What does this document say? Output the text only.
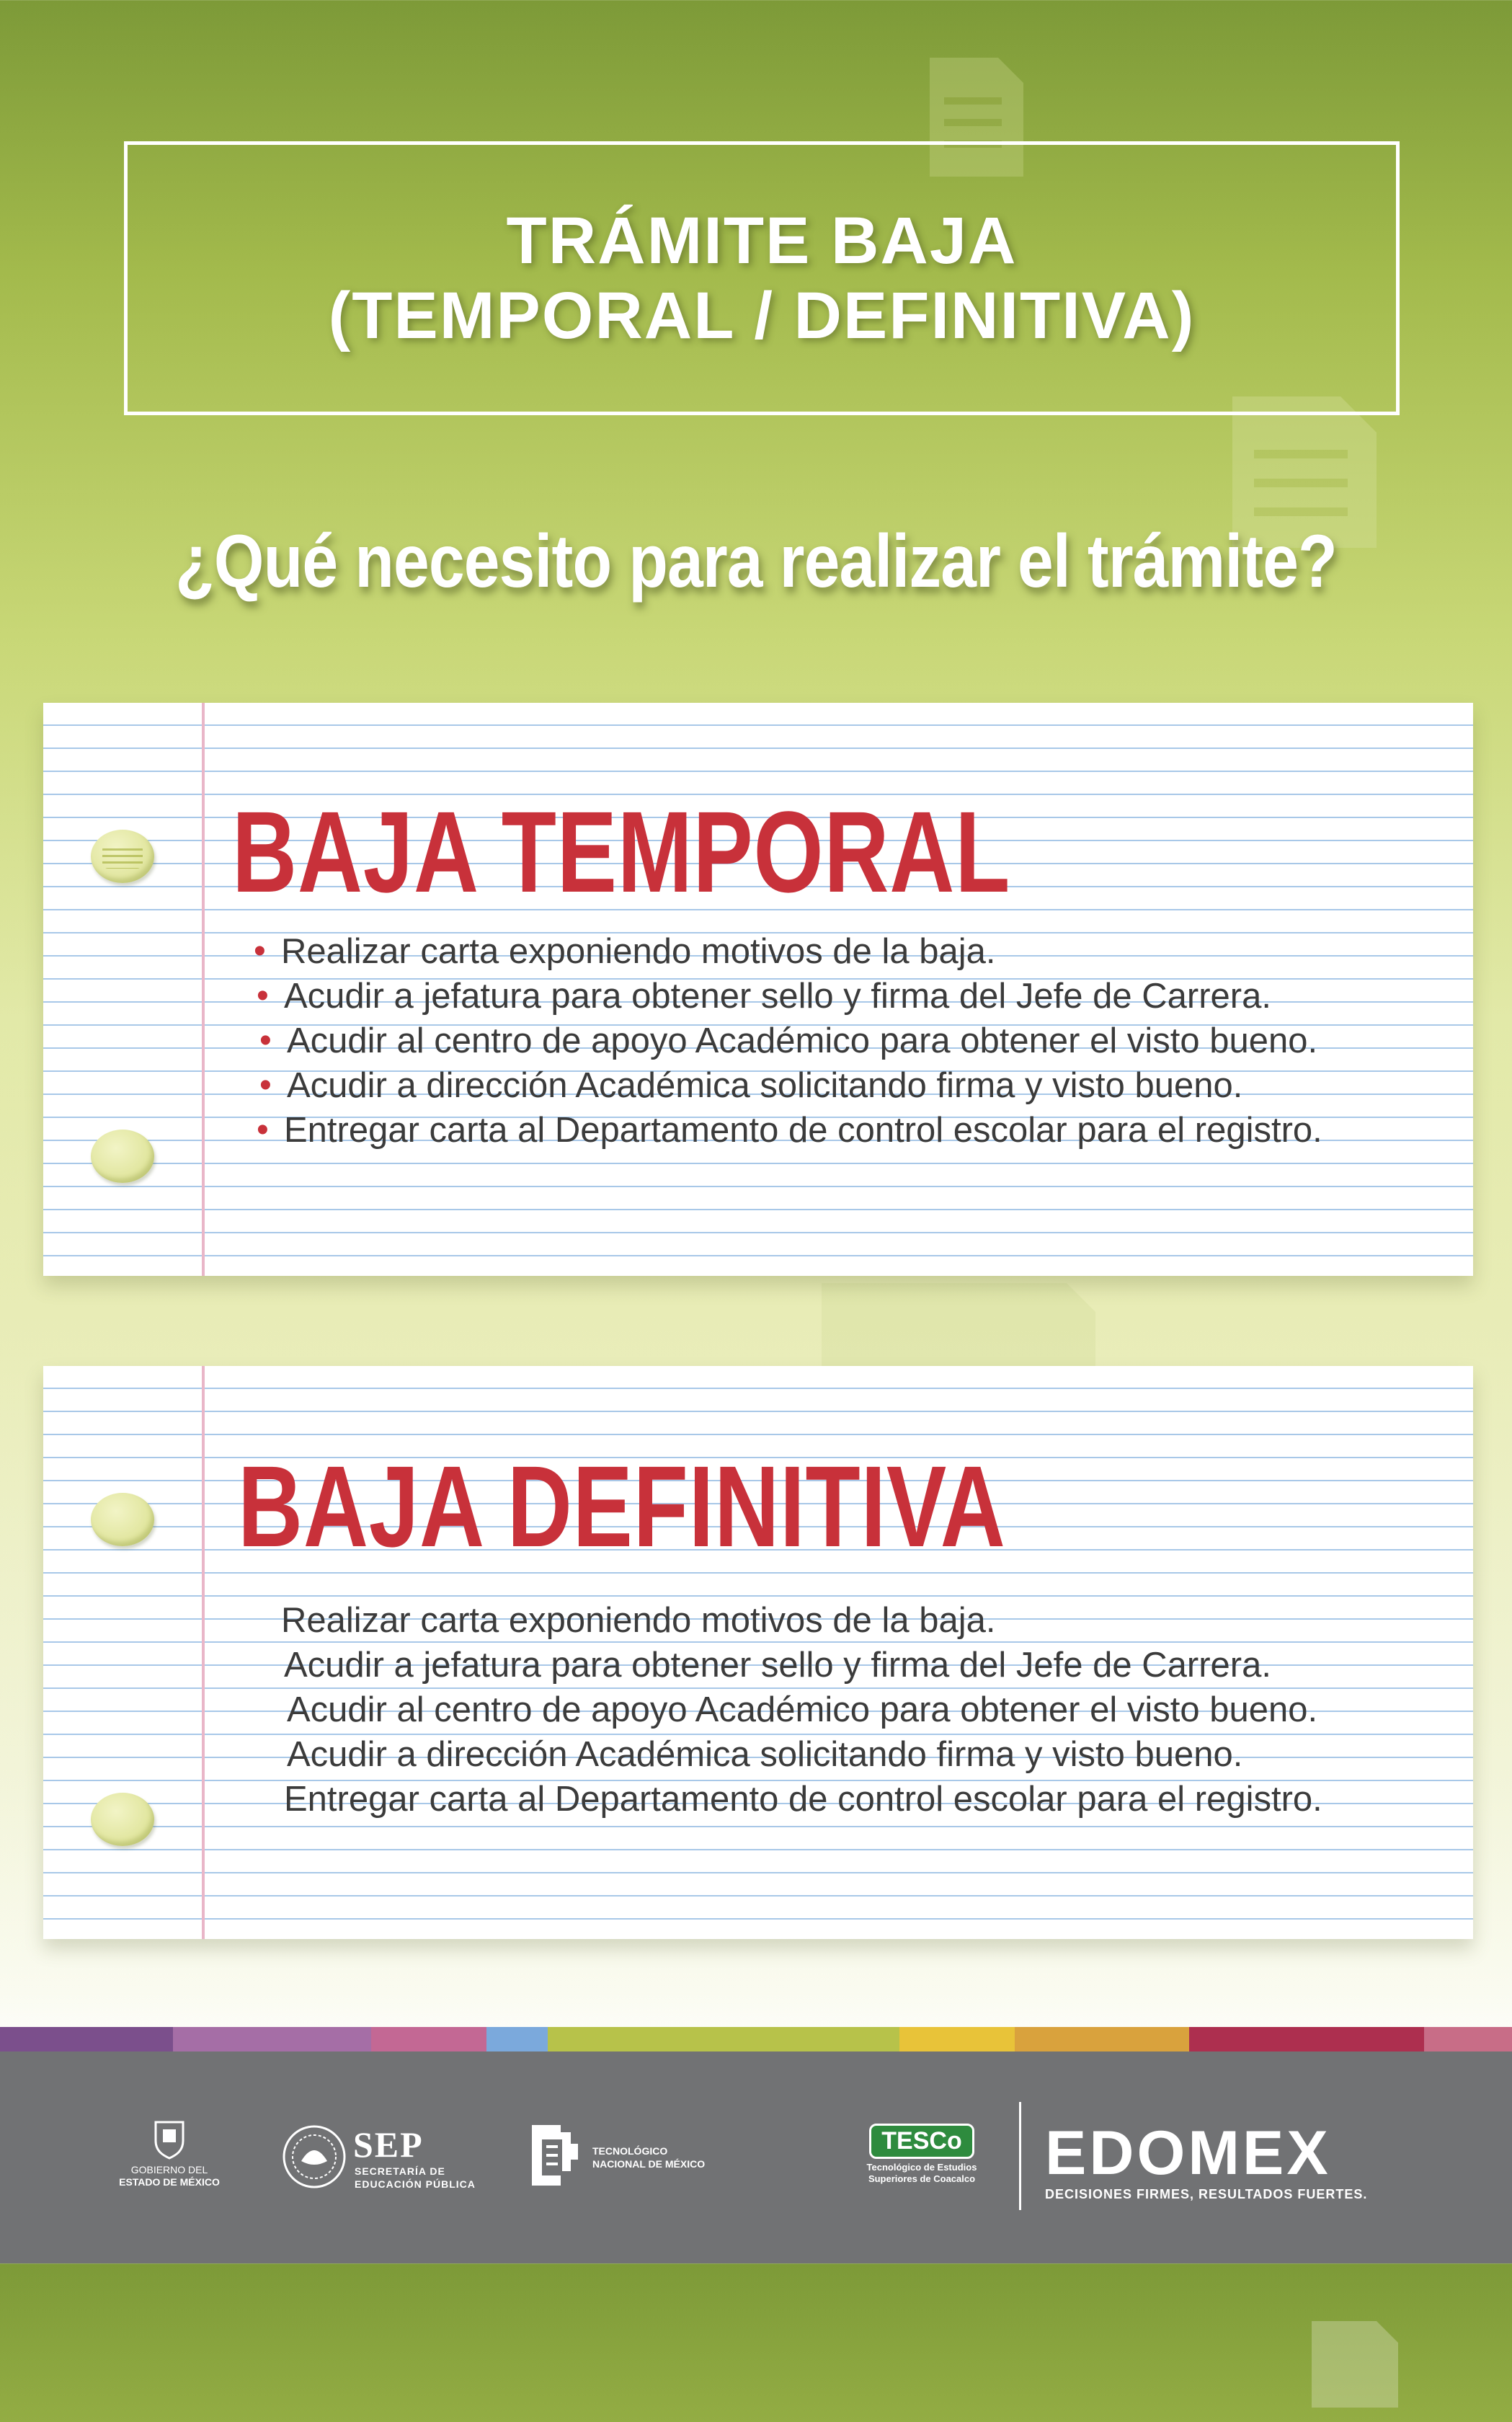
TRÁMITE BAJA
(TEMPORAL / DEFINITIVA)
¿Qué necesito para realizar el trámite?
BAJA TEMPORAL
• Realizar carta exponiendo motivos de la baja.
• Acudir a jefatura para obtener sello y firma del Jefe de Carrera.
• Acudir al centro de apoyo Académico para obtener el visto bueno.
• Acudir a dirección Académica solicitando firma y visto bueno.
• Entregar carta al Departamento de control escolar para el registro.
BAJA DEFINITIVA
Realizar carta exponiendo motivos de la baja.
Acudir a jefatura para obtener sello y firma del Jefe de Carrera.
Acudir al centro de apoyo Académico para obtener el visto bueno.
Acudir a dirección Académica solicitando firma y visto bueno.
Entregar carta al Departamento de control escolar para el registro.
GOBIERNO DEL
ESTADO DE MÉXICO
SEP
SECRETARÍA DE
EDUCACIÓN PÚBLICA
TECNOLÓGICO
NACIONAL DE MÉXICO
TESCo
Tecnológico de Estudios
Superiores de Coacalco	EDOMEX
DECISIONES FIRMES, RESULTADOS FUERTES.
